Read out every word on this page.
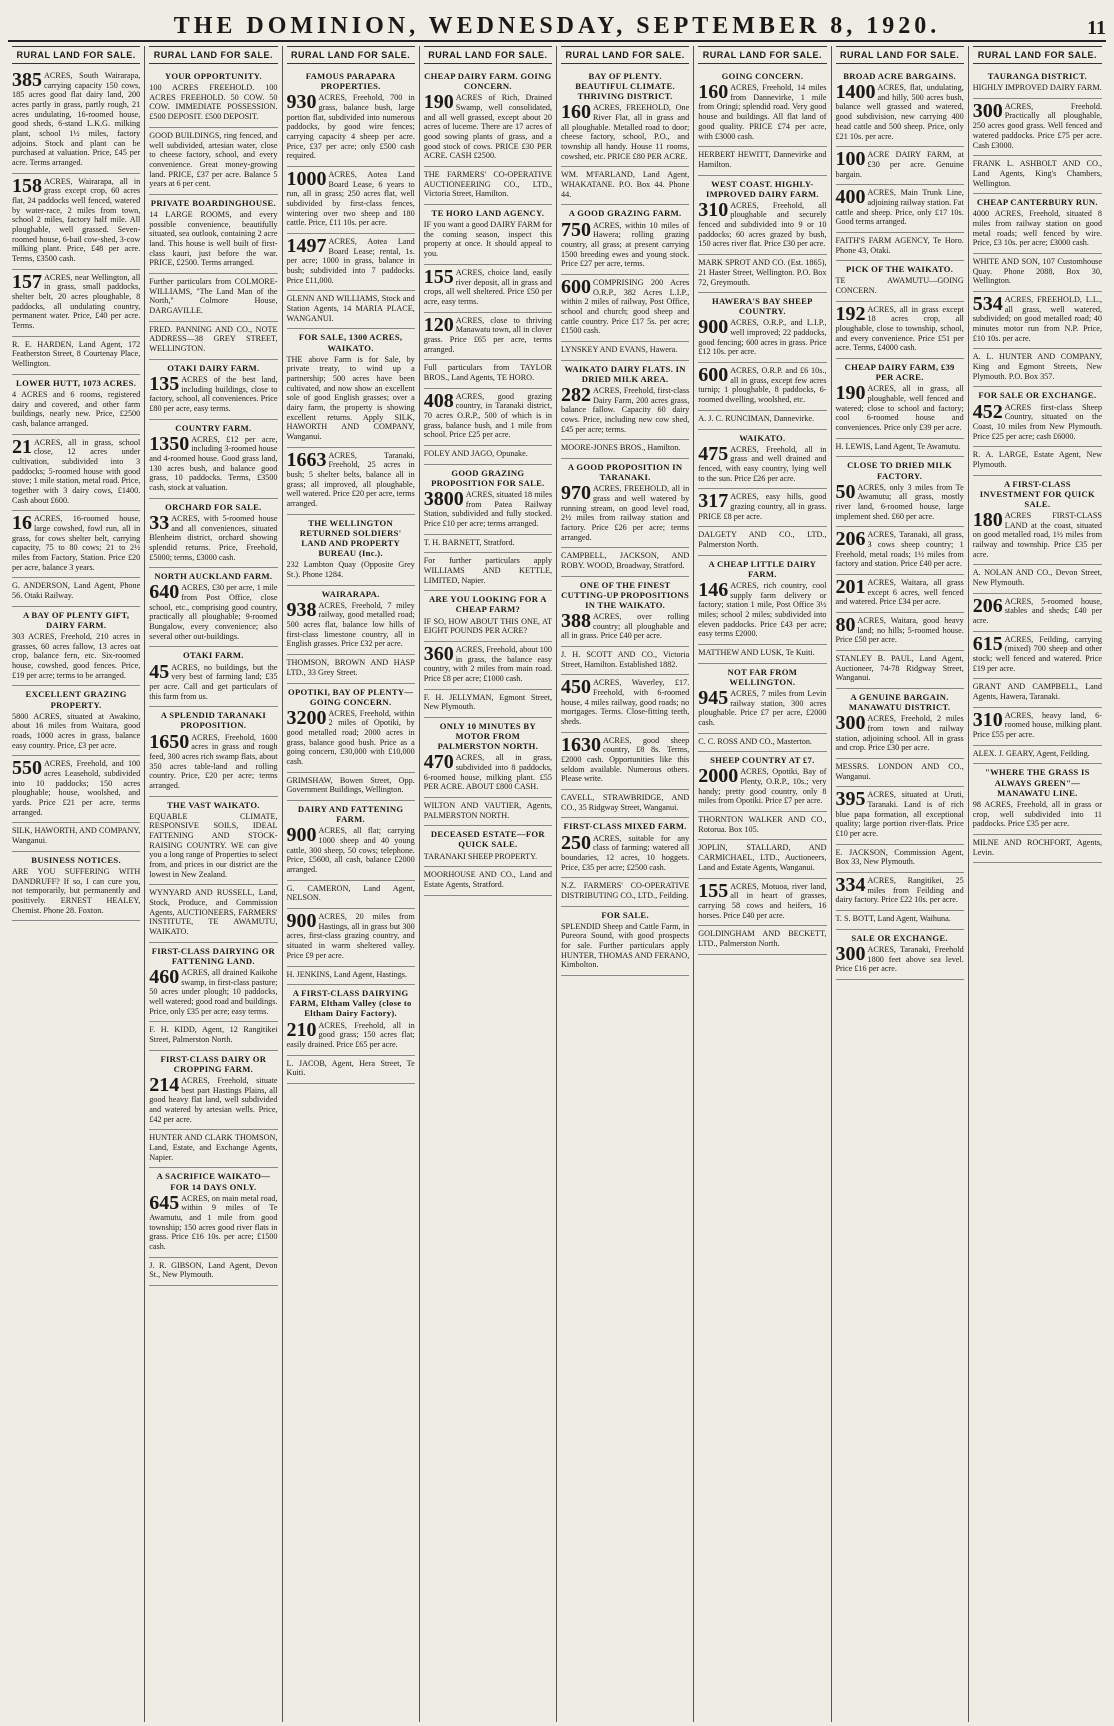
THE DOMINION, WEDNESDAY, SEPTEMBER 8, 1920.	11
RURAL LAND FOR SALE.
385 ACRES, South Wairarapa, carrying capacity 150 cows, 185 acres good flat dairy land, 200 acres partly in grass, partly rough, 21 acres undulating, 16-roomed house, good sheds, 6-stand L.K.G. milking plant, school 1½ miles, factory adjoins. Stock and plant can be purchased at valuation. Price, £45 per acre. Terms arranged.
158 ACRES, Wairarapa, all in grass except crop, 60 acres flat, 24 paddocks well fenced, watered by water-race, 2 miles from town, school 2 miles, factory half mile. All ploughable, well grassed. Seven-roomed house, 6-bail cow-shed, 3-cow milking plant. Price, £48 per acre. Terms, £3500 cash.
157 ACRES, near Wellington, all in grass, small paddocks, shelter belt, 20 acres ploughable, 8 paddocks, all undulating country, permanent water. Price, £40 per acre. Terms.
R. E. HARDEN, Land Agent, 172 Featherston Street, 8 Courtenay Place, Wellington.
LOWER HUTT, 1073 ACRES.
4 ACRES and 6 rooms, registered dairy and covered, and other farm buildings, nearly new. Price, £2500 cash, balance arranged.
21 ACRES, all in grass, school close, 12 acres under cultivation, subdivided into 3 paddocks; 5-roomed house with good stove; 1 mile station, metal road. Price, together with 3 dairy cows, £1400. Cash about £600.
16 ACRES, 16-roomed house, large cowshed, fowl run, all in grass, for cows shelter belt, carrying capacity, 75 to 80 cows; 21 to 2½ miles from Factory, Station. Price £20 per acre, balance 3 years.
G. ANDERSON, Land Agent, Phone 56. Otaki Railway.
A BAY OF PLENTY GIFT, DAIRY FARM.
303 ACRES, Freehold, 210 acres in grasses, 60 acres fallow, 13 acres oat crop, balance fern, etc. Six-roomed house, cowshed, good fences. Price, £19 per acre; terms to be arranged.
EXCELLENT GRAZING PROPERTY.
5800 ACRES, situated at Awakino, about 16 miles from Waitara, good roads, 1000 acres in grass, balance easy country. Price, £3 per acre.
550 ACRES, Freehold, and 100 acres Leasehold, subdivided into 10 paddocks; 150 acres ploughable; house, woolshed, and yards. Price £21 per acre, terms arranged.
SILK, HAWORTH, AND COMPANY, Wanganui.
BUSINESS NOTICES.
ARE YOU SUFFERING WITH DANDRUFF? If so, I can cure you, not temporarily, but permanently and positively. ERNEST HEALEY, Chemist. Phone 28. Foxton.
RURAL LAND FOR SALE.
YOUR OPPORTUNITY.
100 ACRES FREEHOLD. 100 ACRES FREEHOLD. 50 COW. 50 COW. IMMEDIATE POSSESSION. £500 DEPOSIT. £500 DEPOSIT.
GOOD BUILDINGS, ring fenced, and well subdivided, artesian water, close to cheese factory, school, and every convenience. Great money-growing land. PRICE, £37 per acre. Balance 5 years at 6 per cent.
PRIVATE BOARDINGHOUSE.
14 LARGE ROOMS, and every possible convenience, beautifully situated, sea outlook, containing 2 acre land. This house is well built of first-class kauri, just before the war. PRICE, £2500. Terms arranged.
Further particulars from COLMORE-WILLIAMS, "The Land Man of the North," Colmore House, DARGAVILLE.
FRED. PANNING AND CO., NOTE ADDRESS—38 GREY STREET, WELLINGTON.
OTAKI DAIRY FARM.
135 ACRES of the best land, including buildings, close to factory, school, all conveniences. Price £80 per acre, easy terms.
COUNTRY FARM.
1350 ACRES, £12 per acre, including 3-roomed house and 4-roomed house. Good grass land, 130 acres bush, and balance good grass, 10 paddocks. Terms, £3500 cash, stock at valuation.
ORCHARD FOR SALE.
33 ACRES, with 5-roomed house and all conveniences, situated Blenheim district, orchard showing splendid returns. Price, Freehold, £5000; terms, £3000 cash.
NORTH AUCKLAND FARM.
640 ACRES, £30 per acre, 1 mile from Post Office, close school, etc., comprising good country, practically all ploughable; 9-roomed Bungalow, every convenience; also several other out-buildings.
OTAKI FARM.
45 ACRES, no buildings, but the very best of farming land; £35 per acre. Call and get particulars of this farm from us.
A SPLENDID TARANAKI PROPOSITION.
1650 ACRES, Freehold, 1600 acres in grass and rough feed, 300 acres rich swamp flats, about 350 acres table-land and rolling country. Price, £20 per acre; terms arranged.
THE VAST WAIKATO.
EQUABLE CLIMATE, RESPONSIVE SOILS, IDEAL FATTENING AND STOCK-RAISING COUNTRY. WE can give you a long range of Properties to select from, and prices in our district are the lowest in New Zealand.
WYNYARD AND RUSSELL, Land, Stock, Produce, and Commission Agents, AUCTIONEERS, FARMERS' INSTITUTE, TE AWAMUTU, WAIKATO.
FIRST-CLASS DAIRYING OR FATTENING LAND.
460 ACRES, all drained Kaikohe swamp, in first-class pasture; 50 acres under plough; 10 paddocks, well watered; good road and buildings. Price, only £35 per acre; easy terms.
F. H. KIDD, Agent, 12 Rangitikei Street, Palmerston North.
FIRST-CLASS DAIRY OR CROPPING FARM.
214 ACRES, Freehold, situate best part Hastings Plains, all good heavy flat land, well subdivided and watered by artesian wells. Price, £42 per acre.
HUNTER AND CLARK THOMSON, Land, Estate, and Exchange Agents, Napier.
A SACRIFICE WAIKATO—FOR 14 DAYS ONLY.
645 ACRES, on main metal road, within 9 miles of Te Awamutu, and 1 mile from good township; 150 acres good river flats in grass. Price £16 10s. per acre; £1500 cash.
J. R. GIBSON, Land Agent, Devon St., New Plymouth.
RURAL LAND FOR SALE.
FAMOUS PARAPARA PROPERTIES.
930 ACRES, Freehold, 700 in grass, balance bush, large portion flat, subdivided into numerous paddocks, by good wire fences; carrying capacity 4 sheep per acre. Price, £37 per acre; only £500 cash required.
1000 ACRES, Aotea Land Board Lease, 6 years to run, all in grass; 250 acres flat, well subdivided by first-class fences, wintering over two sheep and 180 cattle. Price, £11 10s. per acre.
1497 ACRES, Aotea Land Board Lease; rental, 1s. per acre; 1000 in grass, balance in bush; subdivided into 7 paddocks. Price £11,000.
GLENN AND WILLIAMS, Stock and Station Agents, 14 MARIA PLACE, WANGANUI.
FOR SALE, 1300 ACRES, WAIKATO.
THE above Farm is for Sale, by private treaty, to wind up a partnership; 500 acres have been cultivated, and now show an excellent sole of good English grasses; over a dairy farm, the property is showing excellent returns. Apply SILK, HAWORTH AND COMPANY, Wanganui.
1663 ACRES, Taranaki, Freehold, 25 acres in bush; 5 shelter belts, balance all in grass; all improved, all ploughable, well watered. Price £20 per acre, terms arranged.
THE WELLINGTON RETURNED SOLDIERS' LAND AND PROPERTY BUREAU (Inc.).
232 Lambton Quay (Opposite Grey St.). Phone 1284.
WAIRARAPA.
938 ACRES, Freehold, 7 miley railway, good metalled road; 500 acres flat, balance low hills of first-class limestone country, all in English grasses. Price £32 per acre.
THOMSON, BROWN AND HASP LTD., 33 Grey Street.
OPOTIKI, BAY OF PLENTY—GOING CONCERN.
3200 ACRES, Freehold, within 2 miles of Opotiki, by good metalled road; 2000 acres in grass, balance good bush. Price as a going concern, £30,000 with £10,000 cash.
GRIMSHAW, Bowen Street, Opp. Government Buildings, Wellington.
DAIRY AND FATTENING FARM.
900 ACRES, all flat; carrying 1000 sheep and 40 young cattle, 300 sheep, 50 cows; telephone. Price, £5600, all cash, balance £2000 arranged.
G. CAMERON, Land Agent, NELSON.
900 ACRES, 20 miles from Hastings, all in grass but 300 acres, first-class grazing country, and situated in warm sheltered valley. Price £9 per acre.
H. JENKINS, Land Agent, Hastings.
A FIRST-CLASS DAIRYING FARM, Eltham Valley (close to Eltham Dairy Factory).
210 ACRES, Freehold, all in good grass; 150 acres flat; easily drained. Price £65 per acre.
L. JACOB, Agent, Hera Street, Te Kuiti.
RURAL LAND FOR SALE.
CHEAP DAIRY FARM. GOING CONCERN.
190 ACRES of Rich, Drained Swamp, well consolidated, and all well grassed, except about 20 acres of lucerne. There are 17 acres of good sowing plants of grass, and a good stock of cows. PRICE £30 PER ACRE. CASH £2500.
THE FARMERS' CO-OPERATIVE AUCTIONEERING CO., LTD., Victoria Street, Hamilton.
TE HORO LAND AGENCY.
IF you want a good DAIRY FARM for the coming season, inspect this property at once. It should appeal to you.
155 ACRES, choice land, easily river deposit, all in grass and crops, all well sheltered. Price £50 per acre, easy terms.
120 ACRES, close to thriving Manawatu town, all in clover grass. Price £65 per acre, terms arranged.
Full particulars from TAYLOR BROS., Land Agents, TE HORO.
408 ACRES, good grazing country, in Taranaki district, 70 acres O.R.P., 500 of which is in grass, balance bush, and 1 mile from school. Price £25 per acre.
FOLEY AND JAGO, Opunake.
GOOD GRAZING PROPOSITION FOR SALE.
3800 ACRES, situated 18 miles from Patea Railway Station, subdivided and fully stocked. Price £10 per acre; terms arranged.
T. H. BARNETT, Stratford.
For further particulars apply WILLIAMS AND KETTLE, LIMITED, Napier.
ARE YOU LOOKING FOR A CHEAP FARM?
IF SO, HOW ABOUT THIS ONE, AT EIGHT POUNDS PER ACRE?
360 ACRES, Freehold, about 100 in grass, the balance easy country, with 2 miles from main road. Price £8 per acre; £1000 cash.
F. H. JELLYMAN, Egmont Street, New Plymouth.
ONLY 10 MINUTES BY MOTOR FROM PALMERSTON NORTH.
470 ACRES, all in grass, subdivided into 8 paddocks, 6-roomed house, milking plant. £55 PER ACRE. ABOUT £800 CASH.
WILTON AND VAUTIER, Agents, PALMERSTON NORTH.
DECEASED ESTATE—FOR QUICK SALE.
TARANAKI SHEEP PROPERTY.
MOORHOUSE AND CO., Land and Estate Agents, Stratford.
RURAL LAND FOR SALE.
BAY OF PLENTY. BEAUTIFUL CLIMATE. THRIVING DISTRICT.
160 ACRES, FREEHOLD, One River Flat, all in grass and all ploughable. Metalled road to door; cheese factory, school, P.O., and township all handy. House 11 rooms, cowshed, etc. PRICE £80 PER ACRE.
WM. M'FARLAND, Land Agent, WHAKATANE. P.O. Box 44. Phone 44.
A GOOD GRAZING FARM.
750 ACRES, within 10 miles of Hawera; rolling grazing country, all grass; at present carrying 1500 breeding ewes and young stock. Price £27 per acre, terms.
600 COMPRISING 200 Acres O.R.P., 382 Acres L.I.P., within 2 miles of railway, Post Office, school and church; good sheep and cattle country. Price £17 5s. per acre; £1500 cash.
LYNSKEY AND EVANS, Hawera.
WAIKATO DAIRY FLATS. IN DRIED MILK AREA.
282 ACRES, Freehold, first-class Dairy Farm, 200 acres grass, balance fallow. Capacity 60 dairy cows. Price, including new cow shed, £45 per acre; terms.
MOORE-JONES BROS., Hamilton.
A GOOD PROPOSITION IN TARANAKI.
970 ACRES, FREEHOLD, all in grass and well watered by running stream, on good level road, 2½ miles from railway station and factory. Price £26 per acre; terms arranged.
CAMPBELL, JACKSON, AND ROBY. WOOD, Broadway, Stratford.
ONE OF THE FINEST CUTTING-UP PROPOSITIONS IN THE WAIKATO.
388 ACRES, over rolling country; all ploughable and all in grass. Price £40 per acre.
J. H. SCOTT AND CO., Victoria Street, Hamilton. Established 1882.
450 ACRES, Waverley, £17. Freehold, with 6-roomed house, 4 miles railway, good roads; no mortgages. Terms. Close-fitting teeth, sheds.
1630 ACRES, good sheep country, £8 8s. Terms, £2000 cash. Opportunities like this seldom available. Numerous others. Please write.
CAVELL, STRAWBRIDGE, AND CO., 35 Ridgway Street, Wanganui.
FIRST-CLASS MIXED FARM.
250 ACRES, suitable for any class of farming; watered all boundaries, 12 acres, 10 hoggets. Price, £35 per acre; £2500 cash.
N.Z. FARMERS' CO-OPERATIVE DISTRIBUTING CO., LTD., Feilding.
FOR SALE.
SPLENDID Sheep and Cattle Farm, in Pureora Sound, with good prospects for sale. Further particulars apply HUNTER, THOMAS AND FERANO, Kimbolton.
RURAL LAND FOR SALE.
GOING CONCERN.
160 ACRES, Freehold, 14 miles from Dannevirke, 1 mile from Oringi; splendid road. Very good house and buildings. All flat land of good quality. PRICE £74 per acre, with £3000 cash.
HERBERT HEWITT, Dannevirke and Hamilton.
WEST COAST. HIGHLY-IMPROVED DAIRY FARM.
310 ACRES, Freehold, all ploughable and securely fenced and subdivided into 9 or 10 paddocks; 60 acres grazed by bush, 150 acres river flat. Price £30 per acre.
MARK SPROT AND CO. (Est. 1865), 21 Haster Street, Wellington. P.O. Box 72, Greymouth.
HAWERA'S BAY SHEEP COUNTRY.
900 ACRES, O.R.P., and L.I.P., well improved; 22 paddocks, good fencing; 600 acres in grass. Price £12 10s. per acre.
600 ACRES, O.R.P. and £6 10s., all in grass, except few acres turnip; 1 ploughable, 8 paddocks, 6-roomed dwelling, woolshed, etc.
A. J. C. RUNCIMAN, Dannevirke.
WAIKATO.
475 ACRES, Freehold, all in grass and well drained and fenced, with easy country, lying well to the sun. Price £26 per acre.
317 ACRES, easy hills, good grazing country, all in grass. PRICE £8 per acre.
DALGETY AND CO., LTD., Palmerston North.
A CHEAP LITTLE DAIRY FARM.
146 ACRES, rich country, cool supply farm delivery or factory; station 1 mile, Post Office 3½ miles; school 2 miles; subdivided into eleven paddocks. Price £43 per acre; easy terms £2000.
MATTHEW AND LUSK, Te Kuiti.
NOT FAR FROM WELLINGTON.
945 ACRES, 7 miles from Levin railway station, 300 acres ploughable. Price £7 per acre, £2000 cash.
C. C. ROSS AND CO., Masterton.
SHEEP COUNTRY AT £7.
2000 ACRES, Opotiki, Bay of Plenty, O.R.P., 10s.; very handy; pretty good country, only 8 miles from Opotiki. Price £7 per acre.
THORNTON WALKER AND CO., Rotorua. Box 105.
JOPLIN, STALLARD, AND CARMICHAEL, LTD., Auctioneers, Land and Estate Agents, Wanganui.
155 ACRES, Motuoa, river land, all in heart of grasses, carrying 58 cows and heifers, 16 horses. Price £40 per acre.
GOLDINGHAM AND BECKETT, LTD., Palmerston North.
RURAL LAND FOR SALE.
BROAD ACRE BARGAINS.
1400 ACRES, flat, undulating, and hilly, 500 acres bush, balance well grassed and watered, good subdivision, new carrying 400 head cattle and 500 sheep. Price, only £21 10s. per acre.
100 ACRE DAIRY FARM, at £30 per acre. Genuine bargain.
400 ACRES, Main Trunk Line, adjoining railway station. Fat cattle and sheep. Price, only £17 10s. Good terms arranged.
FAITH'S FARM AGENCY, Te Horo. Phone 43, Otaki.
PICK OF THE WAIKATO.
TE AWAMUTU—GOING CONCERN.
192 ACRES, all in grass except 18 acres crop, all ploughable, close to township, school, and every convenience. Price £51 per acre. Terms, £4000 cash.
CHEAP DAIRY FARM, £39 PER ACRE.
190 ACRES, all in grass, all ploughable, well fenced and watered; close to school and factory; cool 6-roomed house and conveniences. Price only £39 per acre.
H. LEWIS, Land Agent, Te Awamutu.
CLOSE TO DRIED MILK FACTORY.
50 ACRES, only 3 miles from Te Awamutu; all grass, mostly river land, 6-roomed house, large implement shed. £60 per acre.
206 ACRES, Taranaki, all grass, 3 cows sheep country; 1 Freehold, metal roads; 1½ miles from factory and station. Price £40 per acre.
201 ACRES, Waitara, all grass except 6 acres, well fenced and watered. Price £34 per acre.
80 ACRES, Waitara, good heavy land; no hills; 5-roomed house. Price £50 per acre.
STANLEY B. PAUL, Land Agent, Auctioneer, 74-78 Ridgway Street, Wanganui.
A GENUINE BARGAIN. MANAWATU DISTRICT.
300 ACRES, Freehold, 2 miles from town and railway station, adjoining school. All in grass and crop. Price £30 per acre.
MESSRS. LONDON AND CO., Wanganui.
395 ACRES, situated at Uruti, Taranaki. Land is of rich blue papa formation, all exceptional quality; large portion river-flats. Price £10 per acre.
E. JACKSON, Commission Agent, Box 33, New Plymouth.
334 ACRES, Rangitikei, 25 miles from Feilding and dairy factory. Price £22 10s. per acre.
T. S. BOTT, Land Agent, Waihuna.
SALE OR EXCHANGE.
300 ACRES, Taranaki, Freehold 1800 feet above sea level. Price £16 per acre.
RURAL LAND FOR SALE.
TAURANGA DISTRICT.
HIGHLY IMPROVED DAIRY FARM.
300 ACRES, Freehold. Practically all ploughable, 250 acres good grass. Well fenced and watered paddocks. Price £75 per acre. Cash £3000.
FRANK L. ASHBOLT AND CO., Land Agents, King's Chambers, Wellington.
CHEAP CANTERBURY RUN.
4000 ACRES, Freehold, situated 8 miles from railway station on good metal roads; well fenced by wire. Price, £3 10s. per acre; £3000 cash.
WHITE AND SON, 107 Customhouse Quay. Phone 2088, Box 30, Wellington.
534 ACRES, FREEHOLD, L.L., all grass, well watered, subdivided; on good metalled road; 40 minutes motor run from N.P. Price, £10 10s. per acre.
A. L. HUNTER AND COMPANY, King and Egmont Streets, New Plymouth. P.O. Box 357.
FOR SALE OR EXCHANGE.
452 ACRES first-class Sheep Country, situated on the Coast, 10 miles from New Plymouth. Price £25 per acre; cash £6000.
R. A. LARGE, Estate Agent, New Plymouth.
A FIRST-CLASS INVESTMENT FOR QUICK SALE.
180 ACRES FIRST-CLASS LAND at the coast, situated on good metalled road, 1½ miles from railway and township. Price £35 per acre.
A. NOLAN AND CO., Devon Street, New Plymouth.
206 ACRES, 5-roomed house, stables and sheds; £40 per acre.
615 ACRES, Feilding, carrying (mixed) 700 sheep and other stock; well fenced and watered. Price £19 per acre.
GRANT AND CAMPBELL, Land Agents, Hawera, Taranaki.
310 ACRES, heavy land, 6-roomed house, milking plant. Price £55 per acre.
ALEX. J. GEARY, Agent, Feilding.
"WHERE THE GRASS IS ALWAYS GREEN"—MANAWATU LINE.
98 ACRES, Freehold, all in grass or crop, well subdivided into 11 paddocks. Price £35 per acre.
MILNE AND ROCHFORT, Agents, Levin.
